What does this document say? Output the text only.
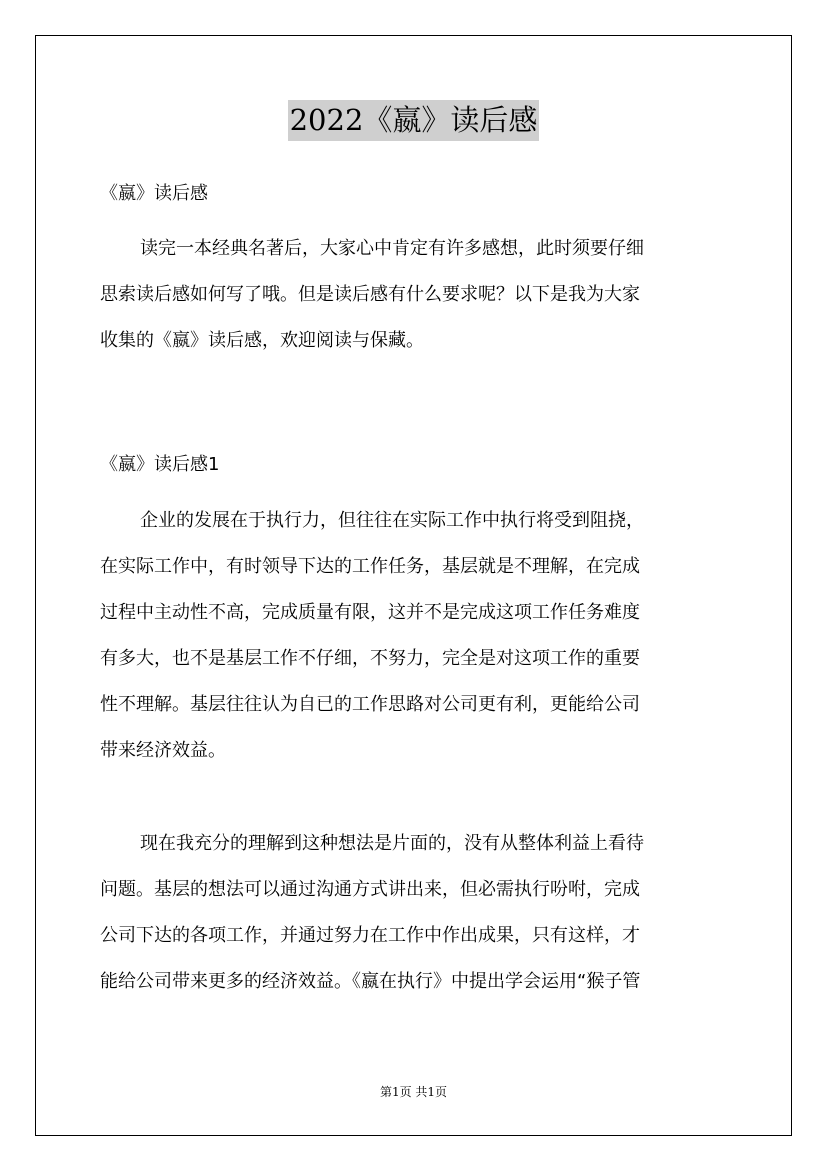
2022《嬴》读后感

《嬴》读后感

读完一本经典名著后，大家心中肯定有许多感想，此时须要仔细
思索读后感如何写了哦。但是读后感有什么要求呢？以下是我为大家
收集的《嬴》读后感，欢迎阅读与保藏。

《嬴》读后感1

企业的发展在于执行力，但往往在实际工作中执行将受到阻挠，
在实际工作中，有时领导下达的工作任务，基层就是不理解，在完成
过程中主动性不高，完成质量有限，这并不是完成这项工作任务难度
有多大，也不是基层工作不仔细，不努力，完全是对这项工作的重要
性不理解。基层往往认为自已的工作思路对公司更有利，更能给公司
带来经济效益。
现在我充分的理解到这种想法是片面的，没有从整体利益上看待
问题。基层的想法可以通过沟通方式讲出来，但必需执行吩咐，完成
公司下达的各项工作，并通过努力在工作中作出成果，只有这样，才
能给公司带来更多的经济效益。《嬴在执行》中提出学会运用“猴子管
第1页 共1页
